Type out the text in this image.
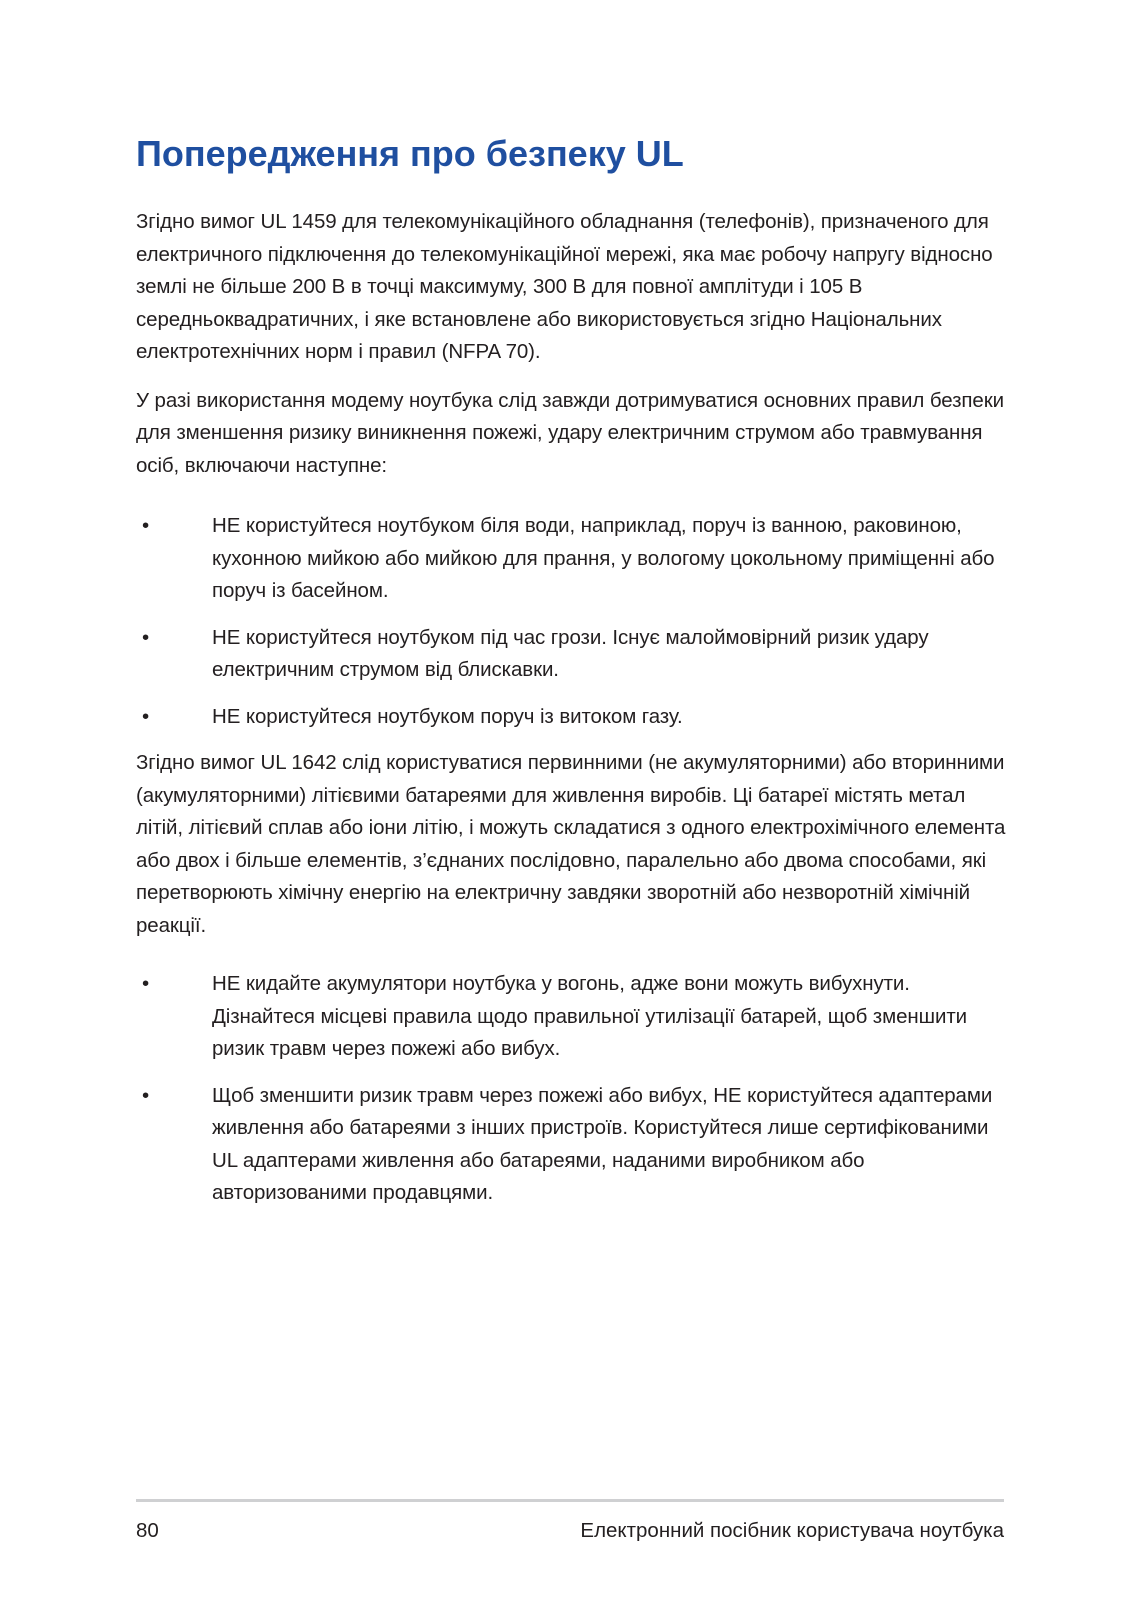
Попередження про безпеку UL

Згідно вимог UL 1459 для телекомунікаційного обладнання (телефонів), призначеного для електричного підключення до телекомунікаційної мережі, яка має робочу напругу відносно землі не більше 200 В в точці максимуму, 300 В для повної амплітуди і 105 В середньоквадратичних, і яке встановлене або використовується згідно Національних електротехнічних норм і правил (NFPA 70).

У разі використання модему ноутбука слід завжди дотримуватися основних правил безпеки для зменшення ризику виникнення пожежі, удару електричним струмом або травмування осіб, включаючи наступне:

•	НЕ користуйтеся ноутбуком біля води, наприклад, поруч із ванною, раковиною, кухонною мийкою або мийкою для прання, у вологому цокольному приміщенні або поруч із басейном.
•	НЕ користуйтеся ноутбуком під час грози. Існує малоймовірний ризик удару електричним струмом від блискавки.
•	НЕ користуйтеся ноутбуком поруч із витоком газу.

Згідно вимог UL 1642 слід користуватися первинними (не акумуляторними) або вторинними (акумуляторними) літієвими батареями для живлення виробів. Ці батареї містять метал літій, літієвий сплав або іони літію, і можуть складатися з одного електрохімічного елемента або двох і більше елементів, з’єднаних послідовно, паралельно або двома способами, які перетворюють хімічну енергію на електричну завдяки зворотній або незворотній хімічній реакції.

•	НЕ кидайте акумулятори ноутбука у вогонь, адже вони можуть вибухнути. Дізнайтеся місцеві правила щодо правильної утилізації батарей, щоб зменшити ризик травм через пожежі або вибух.
•	Щоб зменшити ризик травм через пожежі або вибух, НЕ користуйтеся адаптерами живлення або батареями з інших пристроїв. Користуйтеся лише сертифікованими UL адаптерами живлення або батареями, наданими виробником або авторизованими продавцями.
80	Електронний посібник користувача ноутбука
